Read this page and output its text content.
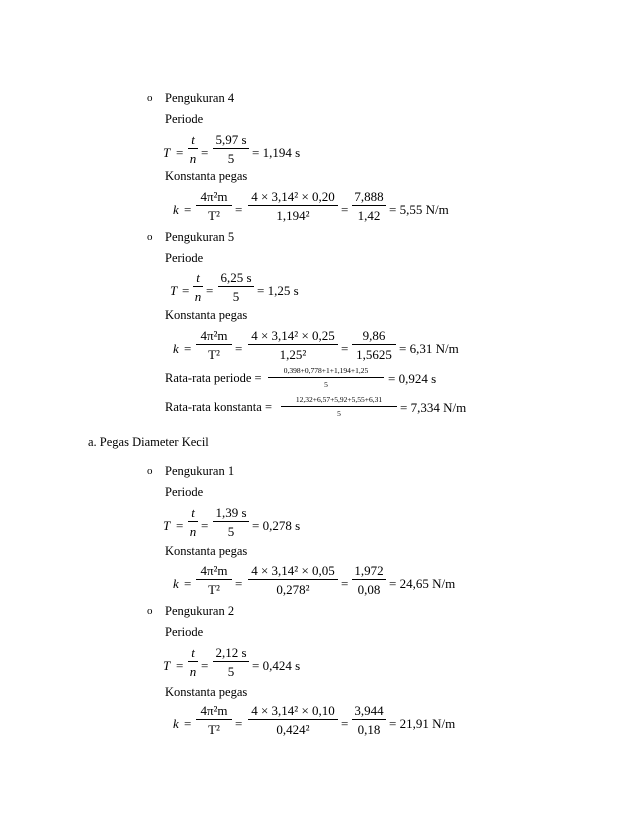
o Pengukuran 4
Periode
T =
t
n =
5,97 s
5	= 1,194 s
Konstanta pegas
k =
4π²m
T²	=
4 × 3,14² × 0,20
1,194²	=
7,888
1,42 = 5,55 N/m
o Pengukuran 5
Periode
T =
t
n =
6,25 s
5	= 1,25 s
Konstanta pegas
k =
4π²m
T²	=
4 × 3,14² × 0,25
1,25²	=
9,86
1,5625 = 6,31 N/m
Rata-rata periode =
0,398+0,778+1+1,194+1,25
5	= 0,924 s
Rata-rata konstanta =
12,32+6,57+5,92+5,55+6,31
5	= 7,334 N/m
a. Pegas Diameter Kecil
o Pengukuran 1
Periode
T =
t
n =
1,39 s
5	= 0,278 s
Konstanta pegas
k =
4π²m
T²	=
4 × 3,14² × 0,05
0,278²	=
1,972
0,08 = 24,65 N/m
o Pengukuran 2
Periode
T =
t
n =
2,12 s
5	= 0,424 s
Konstanta pegas
k =
4π²m
T²	=
4 × 3,14² × 0,10
0,424²	=
3,944
0,18 = 21,91 N/m
